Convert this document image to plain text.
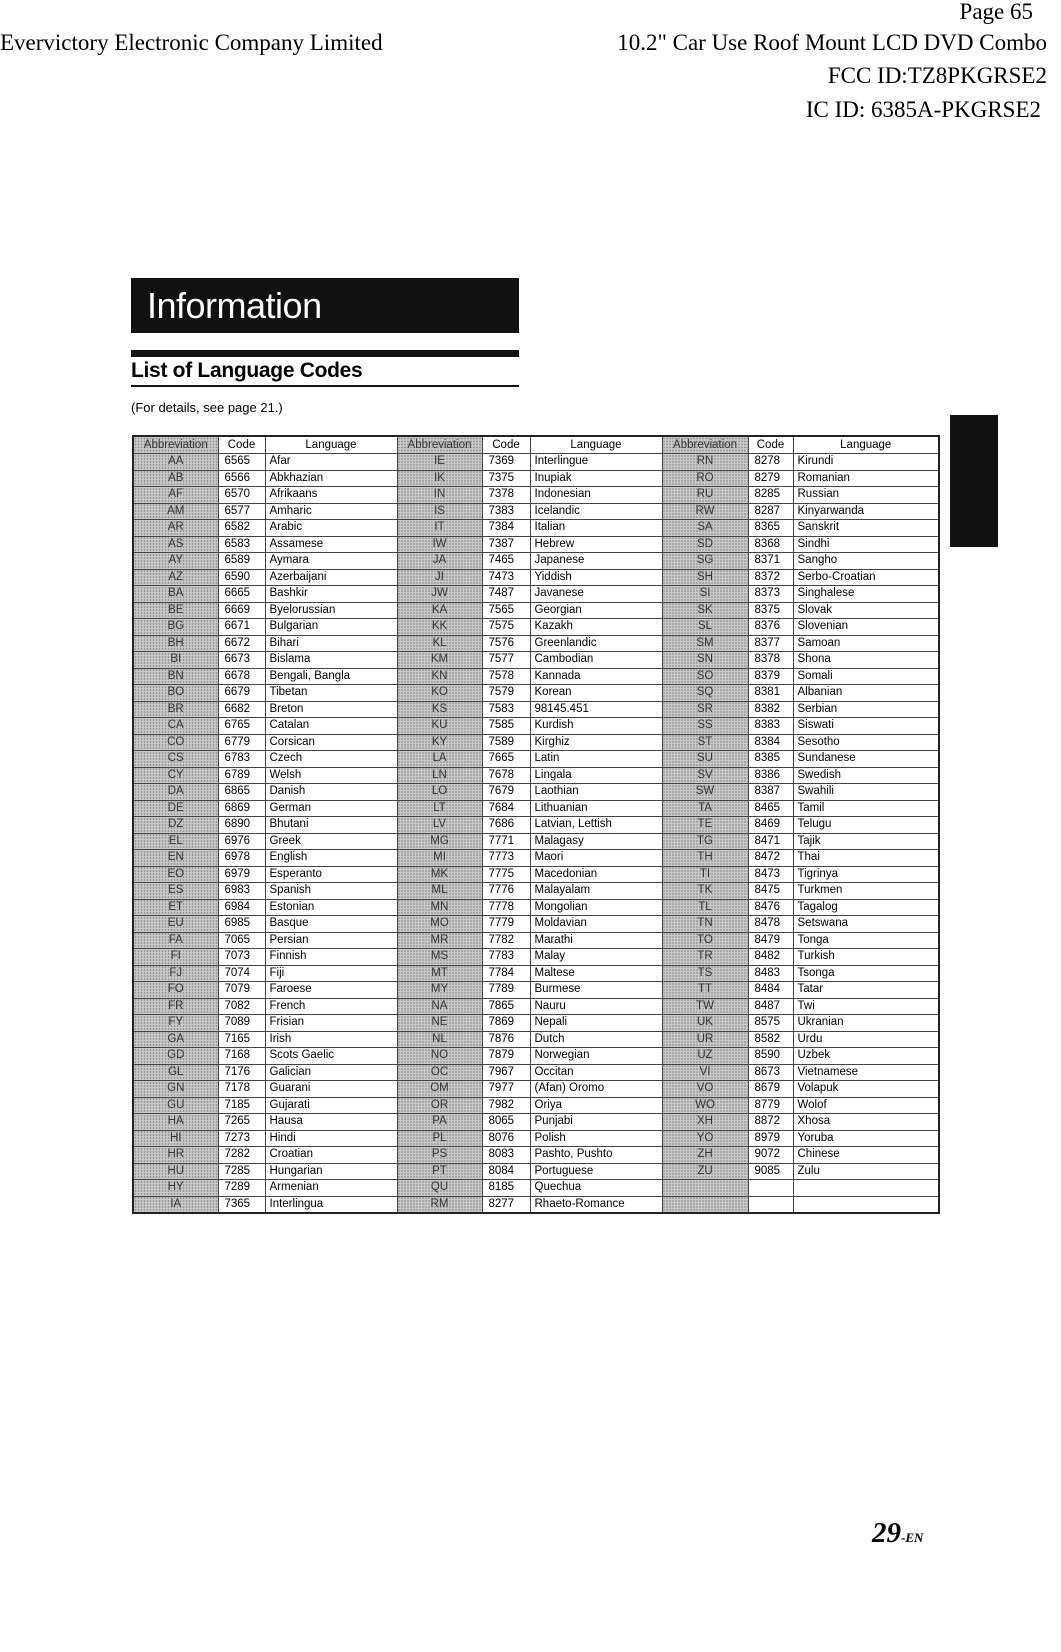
Page 65
Evervictory Electronic Company Limited	10.2" Car Use Roof Mount LCD DVD Combo
FCC ID:TZ8PKGRSE2
IC ID: 6385A-PKGRSE2
Information
List of Language Codes
(For details, see page 21.)
Abbreviation	Code	Language	Abbreviation	Code	Language	Abbreviation	Code	Language
AA	6565	Afar	IE	7369	Interlingue	RN	8278	Kirundi
AB	6566	Abkhazian	IK	7375	Inupiak	RO	8279	Romanian
AF	6570	Afrikaans	IN	7378	Indonesian	RU	8285	Russian
AM	6577	Amharic	IS	7383	Icelandic	RW	8287	Kinyarwanda
AR	6582	Arabic	IT	7384	Italian	SA	8365	Sanskrit
AS	6583	Assamese	IW	7387	Hebrew	SD	8368	Sindhi
AY	6589	Aymara	JA	7465	Japanese	SG	8371	Sangho
AZ	6590	Azerbaijani	JI	7473	Yiddish	SH	8372	Serbo-Croatian
BA	6665	Bashkir	JW	7487	Javanese	SI	8373	Singhalese
BE	6669	Byelorussian	KA	7565	Georgian	SK	8375	Slovak
BG	6671	Bulgarian	KK	7575	Kazakh	SL	8376	Slovenian
BH	6672	Bihari	KL	7576	Greenlandic	SM	8377	Samoan
BI	6673	Bislama	KM	7577	Cambodian	SN	8378	Shona
BN	6678	Bengali, Bangla	KN	7578	Kannada	SO	8379	Somali
BO	6679	Tibetan	KO	7579	Korean	SQ	8381	Albanian
BR	6682	Breton	KS	7583	98145.451	SR	8382	Serbian
CA	6765	Catalan	KU	7585	Kurdish	SS	8383	Siswati
CO	6779	Corsican	KY	7589	Kirghiz	ST	8384	Sesotho
CS	6783	Czech	LA	7665	Latin	SU	8385	Sundanese
CY	6789	Welsh	LN	7678	Lingala	SV	8386	Swedish
DA	6865	Danish	LO	7679	Laothian	SW	8387	Swahili
DE	6869	German	LT	7684	Lithuanian	TA	8465	Tamil
DZ	6890	Bhutani	LV	7686	Latvian, Lettish	TE	8469	Telugu
EL	6976	Greek	MG	7771	Malagasy	TG	8471	Tajik
EN	6978	English	MI	7773	Maori	TH	8472	Thai
EO	6979	Esperanto	MK	7775	Macedonian	TI	8473	Tigrinya
ES	6983	Spanish	ML	7776	Malayalam	TK	8475	Turkmen
ET	6984	Estonian	MN	7778	Mongolian	TL	8476	Tagalog
EU	6985	Basque	MO	7779	Moldavian	TN	8478	Setswana
FA	7065	Persian	MR	7782	Marathi	TO	8479	Tonga
FI	7073	Finnish	MS	7783	Malay	TR	8482	Turkish
FJ	7074	Fiji	MT	7784	Maltese	TS	8483	Tsonga
FO	7079	Faroese	MY	7789	Burmese	TT	8484	Tatar
FR	7082	French	NA	7865	Nauru	TW	8487	Twi
FY	7089	Frisian	NE	7869	Nepali	UK	8575	Ukranian
GA	7165	Irish	NL	7876	Dutch	UR	8582	Urdu
GD	7168	Scots Gaelic	NO	7879	Norwegian	UZ	8590	Uzbek
GL	7176	Galician	OC	7967	Occitan	VI	8673	Vietnamese
GN	7178	Guarani	OM	7977	(Afan) Oromo	VO	8679	Volapuk
GU	7185	Gujarati	OR	7982	Oriya	WO	8779	Wolof
HA	7265	Hausa	PA	8065	Punjabi	XH	8872	Xhosa
HI	7273	Hindi	PL	8076	Polish	YO	8979	Yoruba
HR	7282	Croatian	PS	8083	Pashto, Pushto	ZH	9072	Chinese
HU	7285	Hungarian	PT	8084	Portuguese	ZU	9085	Zulu
HY	7289	Armenian	QU	8185	Quechua			
IA	7365	Interlingua	RM	8277	Rhaeto-Romance			
29-EN
